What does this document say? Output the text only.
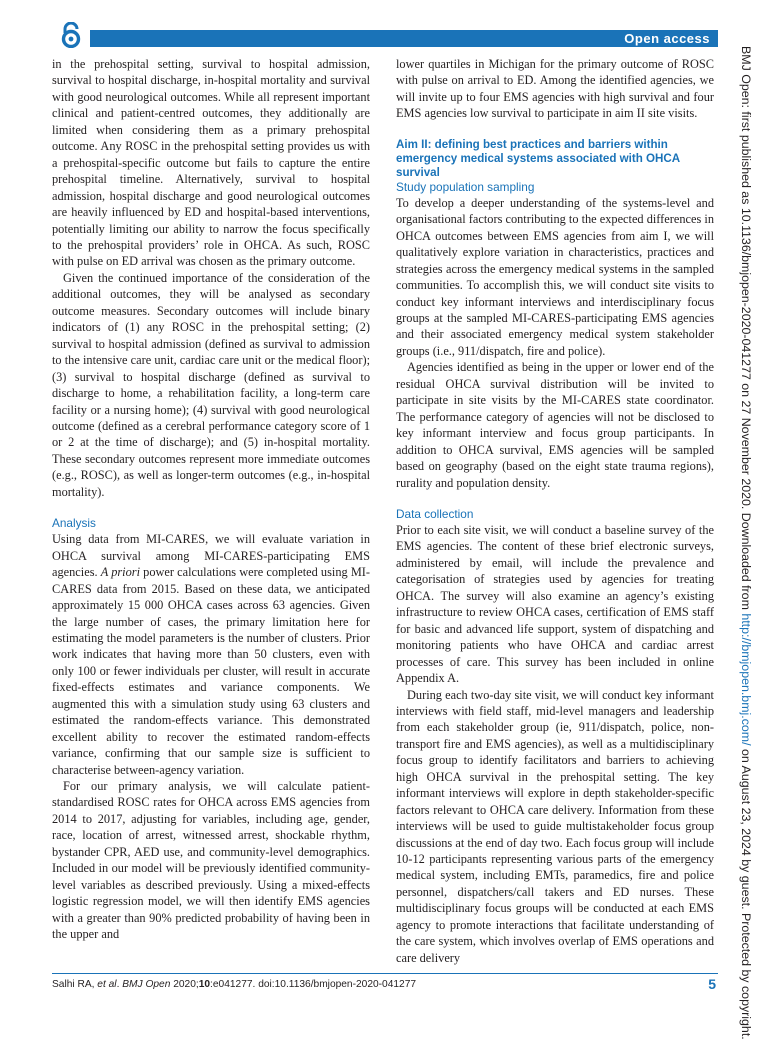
Open access

in the prehospital setting, survival to hospital admission, survival to hospital discharge, in-hospital mortality and survival with good neurological outcomes. While all represent important clinical and patient-centred outcomes, they additionally are limited when considering them as a primary prehospital outcome. Any ROSC in the prehospital setting provides us with a prehospital-specific outcome but fails to capture the entire prehospital timeline. Alternatively, survival to hospital admission, hospital discharge and good neurological outcomes are heavily influenced by ED and hospital-based interventions, potentially limiting our ability to narrow the focus specifically to the prehospital providers’ role in OHCA. As such, ROSC with pulse on ED arrival was chosen as the primary outcome.

Given the continued importance of the consideration of the additional outcomes, they will be analysed as secondary outcome measures. Secondary outcomes will include binary indicators of (1) any ROSC in the prehospital setting; (2) survival to hospital admission (defined as survival to admission to the intensive care unit, cardiac care unit or the medical floor); (3) survival to hospital discharge (defined as survival to discharge to home, a rehabilitation facility, a long-term care facility or a nursing home); (4) survival with good neurological outcome (defined as a cerebral performance category score of 1 or 2 at the time of discharge); and (5) in-hospital mortality. These secondary outcomes represent more immediate outcomes (e.g., ROSC), as well as longer-term outcomes (e.g., in-hospital mortality).

Analysis

Using data from MI-CARES, we will evaluate variation in OHCA survival among MI-CARES-participating EMS agencies. A priori power calculations were completed using MI-CARES data from 2015. Based on these data, we anticipated approximately 15 000 OHCA cases across 63 agencies. Given the large number of cases, the primary limitation here for estimating the model parameters is the number of clusters. Prior work indicates that having more than 50 clusters, even with only 100 or fewer individuals per cluster, will result in accurate fixed-effects estimates and variance components. We augmented this with a simulation study using 63 clusters and estimated the random-effects variance. This demonstrated excellent ability to recover the estimated random-effects variance, confirming that our sample size is sufficient to characterise between-agency variation.

For our primary analysis, we will calculate patient-standardised ROSC rates for OHCA across EMS agencies from 2014 to 2017, adjusting for variables, including age, gender, race, location of arrest, witnessed arrest, shockable rhythm, bystander CPR, AED use, and community-level demographics. Included in our model will be previously identified community-level variables as described previously. Using a mixed-effects logistic regression model, we will then identify EMS agencies with a greater than 90% predicted probability of having been in the upper and

lower quartiles in Michigan for the primary outcome of ROSC with pulse on arrival to ED. Among the identified agencies, we will invite up to four EMS agencies with high survival and four EMS agencies low survival to participate in aim II site visits.

Aim II: defining best practices and barriers within emergency medical systems associated with OHCA survival

Study population sampling

To develop a deeper understanding of the systems-level and organisational factors contributing to the expected differences in OHCA outcomes between EMS agencies from aim I, we will qualitatively explore variation in characteristics, practices and strategies across the emergency medical systems in the sampled communities. To accomplish this, we will conduct site visits to conduct key informant interviews and interdisciplinary focus groups at the sampled MI-CARES-participating EMS agencies and their associated emergency medical system stakeholder groups (i.e., 911/dispatch, fire and police).

Agencies identified as being in the upper or lower end of the residual OHCA survival distribution will be invited to participate in site visits by the MI-CARES state coordinator. The performance category of agencies will not be disclosed to key informant interview and focus group participants. In addition to OHCA survival, EMS agencies will be sampled based on geography (based on the eight state trauma regions), rurality and population density.

Data collection

Prior to each site visit, we will conduct a baseline survey of the EMS agencies. The content of these brief electronic surveys, administered by email, will include the prevalence and categorisation of strategies used by agencies for treating OHCA. The survey will also examine an agency’s existing infrastructure to review OHCA cases, certification of EMS staff for basic and advanced life support, system of dispatching and monitoring patients who have OHCA and cardiac arrest processes of care. This survey has been included in online Appendix A.

During each two-day site visit, we will conduct key informant interviews with field staff, mid-level managers and leadership from each stakeholder group (ie, 911/dispatch, police, non-transport fire and EMS agencies), as well as a multidisciplinary focus group to identify facilitators and barriers to achieving high OHCA survival in the prehospital setting. The key informant interviews will explore in depth stakeholder-specific factors relevant to OHCA care delivery. Information from these interviews will be used to guide multistakeholder focus group discussions at the end of day two. Each focus group will include 10-12 participants representing various parts of the emergency medical system, including EMTs, paramedics, fire and police personnel, dispatchers/call takers and ED nurses. These multidisciplinary focus groups will be conducted at each EMS agency to promote interactions that facilitate understanding of the care system, which involves overlap of EMS operations and care delivery

BMJ Open: first published as 10.1136/bmjopen-2020-041277 on 27 November 2020. Downloaded from http://bmjopen.bmj.com/ on August 23, 2024 by guest. Protected by copyright.
Salhi RA, et al. BMJ Open 2020;10:e041277. doi:10.1136/bmjopen-2020-041277	5
